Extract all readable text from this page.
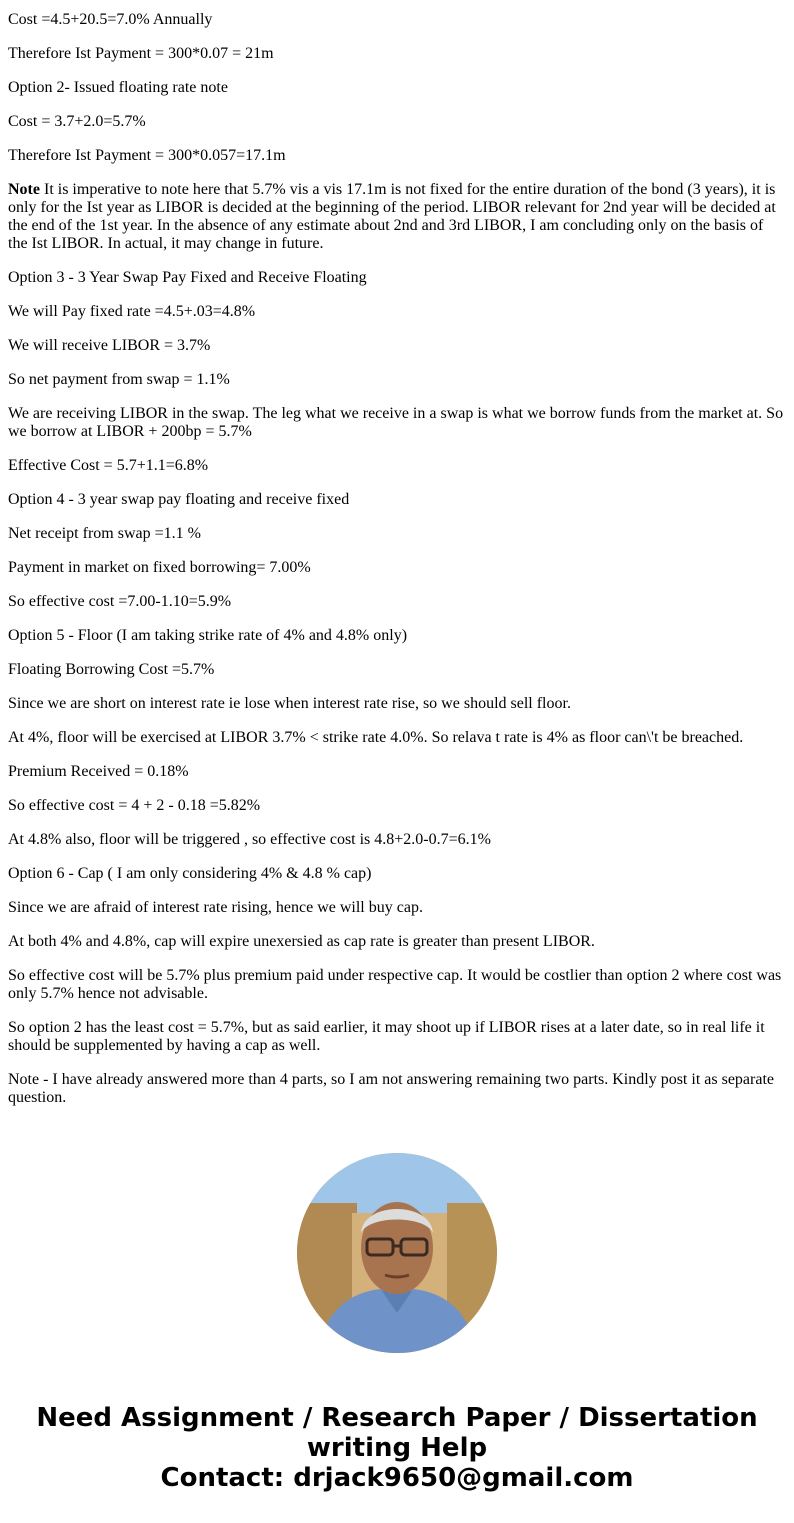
Cost =4.5+20.5=7.0% Annually

Therefore Ist Payment = 300*0.07 = 21m

Option 2- Issued floating rate note

Cost = 3.7+2.0=5.7%

Therefore Ist Payment = 300*0.057=17.1m

Note It is imperative to note here that 5.7% vis a vis 17.1m is not fixed for the entire duration of the bond (3 years), it is only for the Ist year as LIBOR is decided at the beginning of the period. LIBOR relevant for 2nd year will be decided at the end of the 1st year. In the absence of any estimate about 2nd and 3rd LIBOR, I am concluding only on the basis of the Ist LIBOR. In actual, it may change in future.

Option 3 - 3 Year Swap Pay Fixed and Receive Floating

We will Pay fixed rate =4.5+.03=4.8%

We will receive LIBOR = 3.7%

So net payment from swap = 1.1%

We are receiving LIBOR in the swap. The leg what we receive in a swap is what we borrow funds from the market at. So we borrow at LIBOR + 200bp = 5.7%

Effective Cost = 5.7+1.1=6.8%

Option 4 - 3 year swap pay floating and receive fixed

Net receipt from swap =1.1 %

Payment in market on fixed borrowing= 7.00%

So effective cost =7.00-1.10=5.9%

Option 5 - Floor (I am taking strike rate of 4% and 4.8% only)

Floating Borrowing Cost =5.7%

Since we are short on interest rate ie lose when interest rate rise, so we should sell floor.

At 4%, floor will be exercised at LIBOR 3.7% < strike rate 4.0%. So relava t rate is 4% as floor can\'t be breached.

Premium Received = 0.18%

So effective cost = 4 + 2 - 0.18 =5.82%

At 4.8% also, floor will be triggered , so effective cost is 4.8+2.0-0.7=6.1%

Option 6 - Cap ( I am only considering 4% & 4.8 % cap)

Since we are afraid of interest rate rising, hence we will buy cap.

At both 4% and 4.8%, cap will expire unexersied as cap rate is greater than present LIBOR.

So effective cost will be 5.7% plus premium paid under respective cap. It would be costlier than option 2 where cost was only 5.7% hence not advisable.

So option 2 has the least cost = 5.7%, but as said earlier, it may shoot up if LIBOR rises at a later date, so in real life it should be supplemented by having a cap as well.

Note - I have already answered more than 4 parts, so I am not answering remaining two parts. Kindly post it as separate question.

Need Assignment / Research Paper / Dissertation
writing Help
Contact: drjack9650@gmail.com
